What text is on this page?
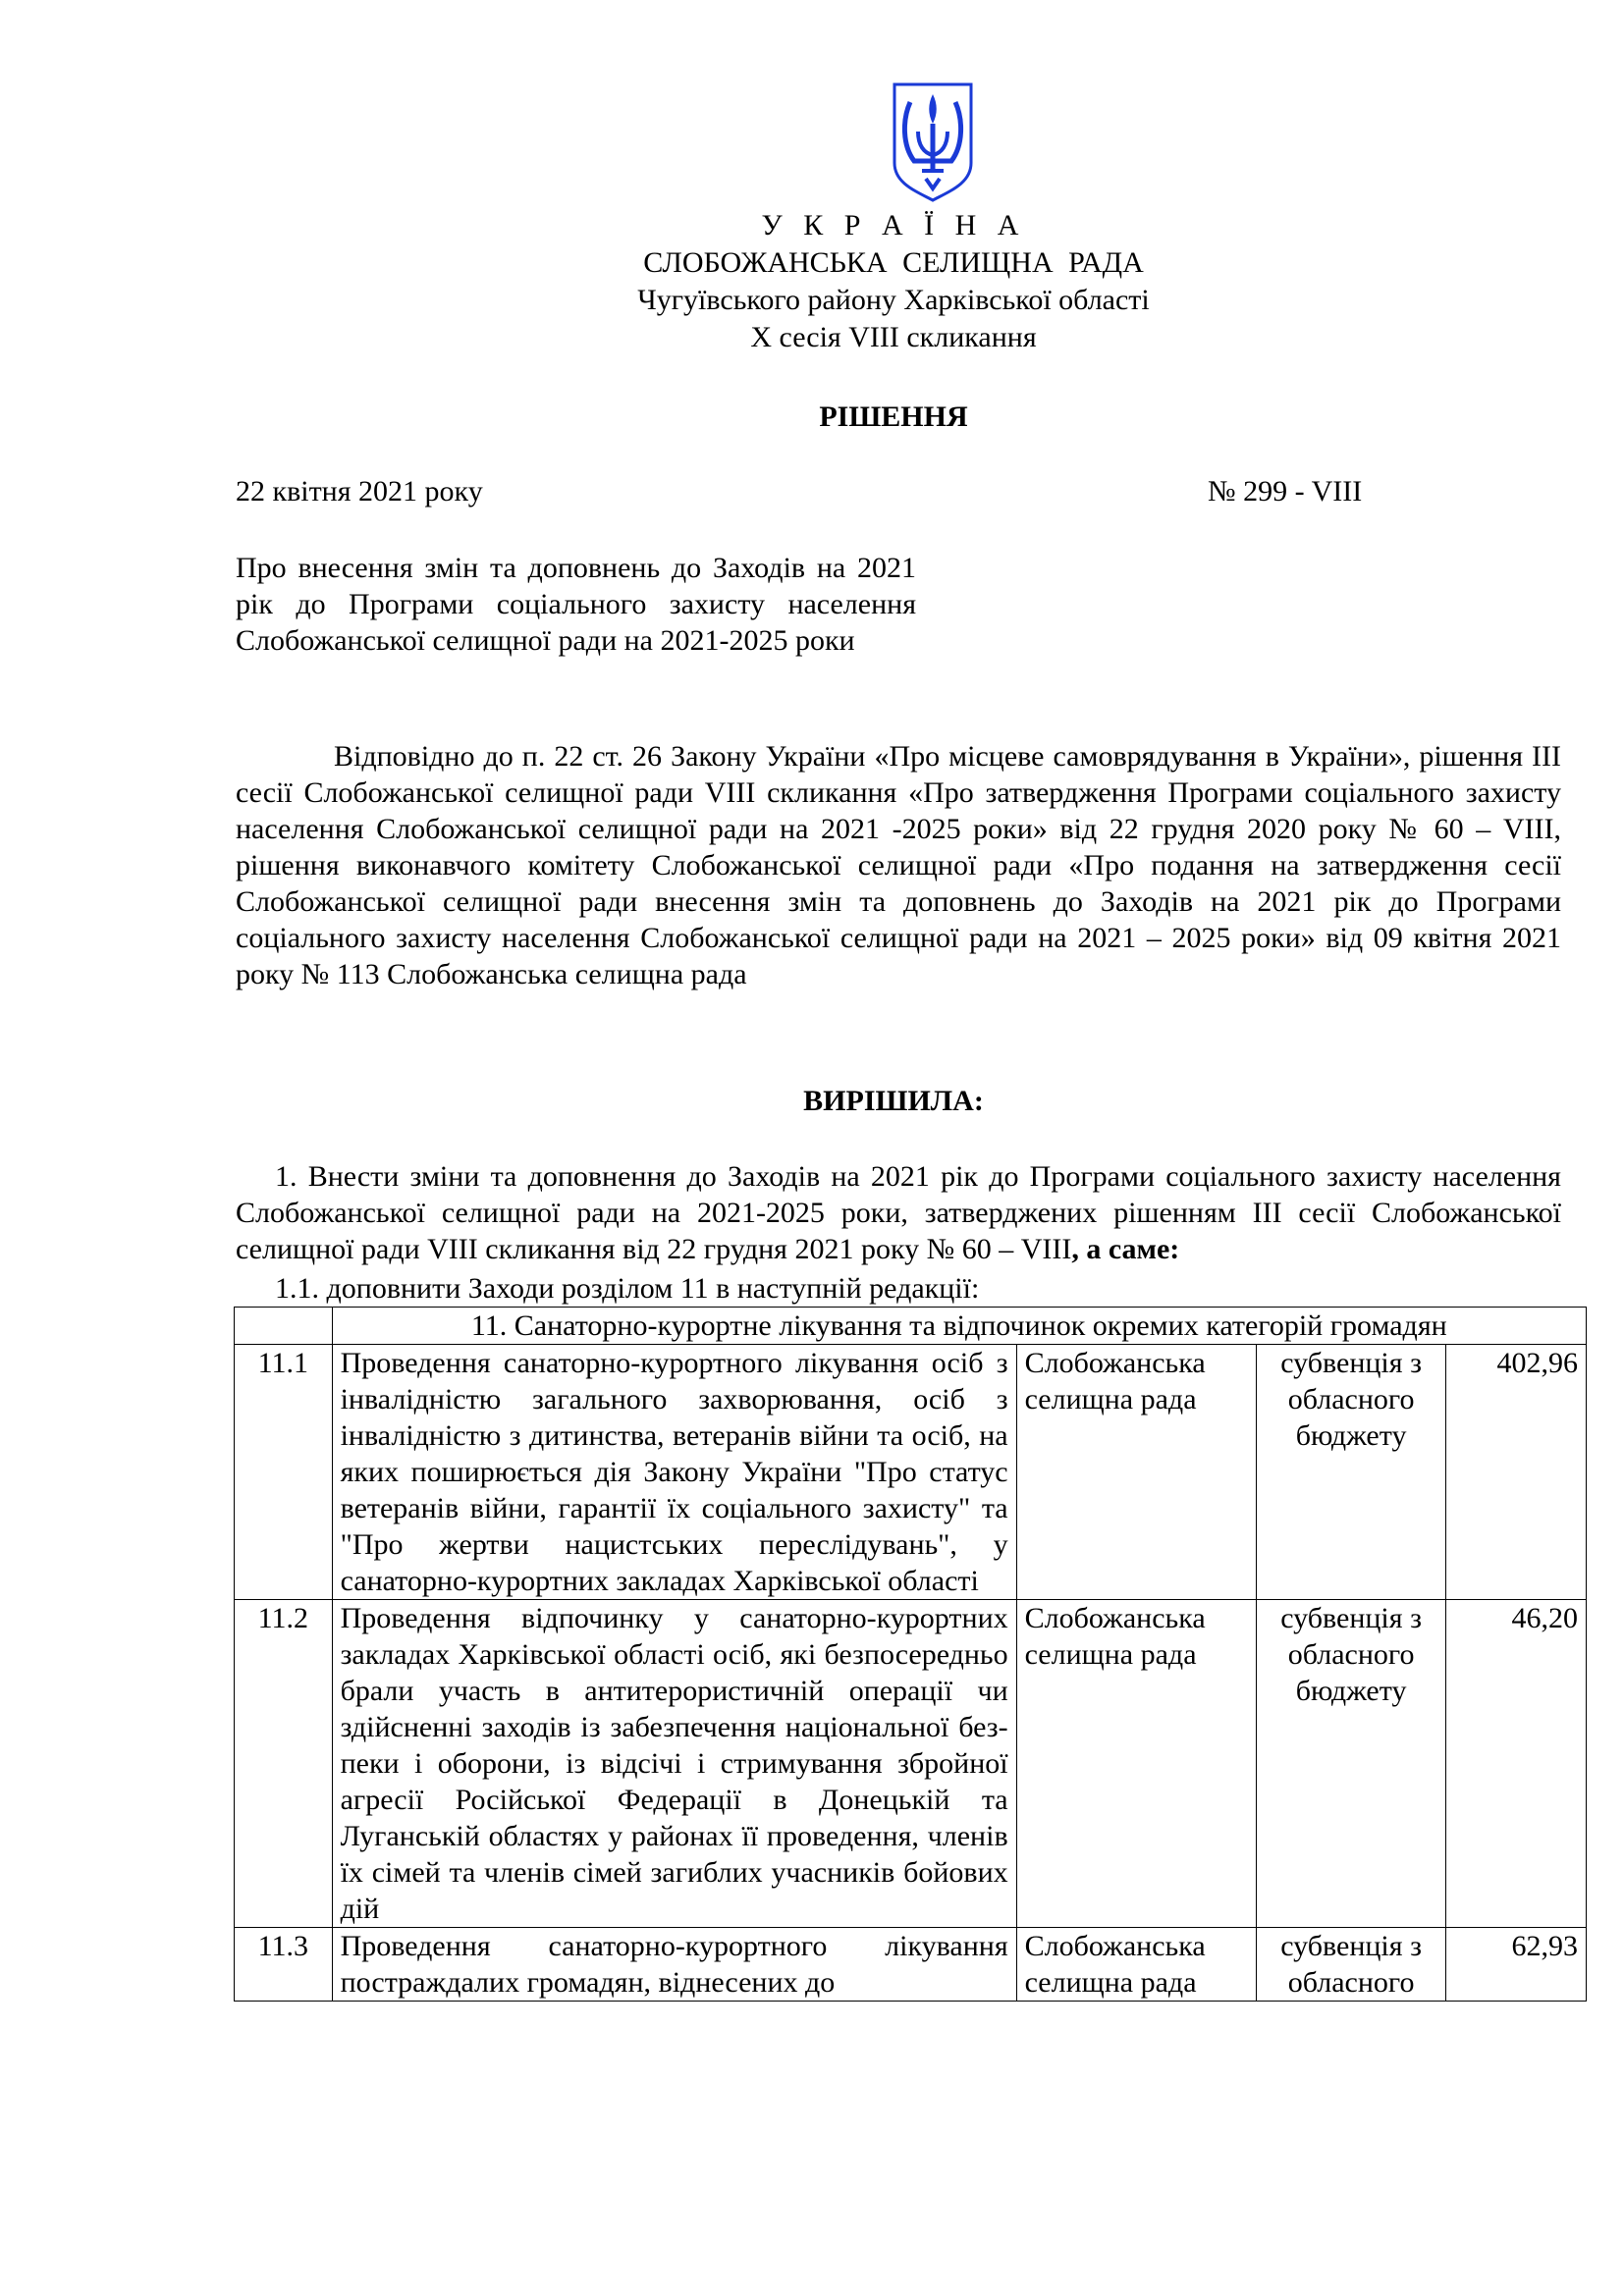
У К Р А Ї Н А
СЛОБОЖАНСЬКА СЕЛИЩНА РАДА
Чугуївського району Харківської області
X сесія VIII скликання
РІШЕННЯ
22 квітня 2021 року	№ 299 - VIII
Про внесення змін та доповнень до Заходів на 2021 рік до Програми соціального захисту населення Слобожанської селищної ради на 2021-2025 роки
Відповідно до п. 22 ст. 26 Закону України «Про місцеве самоврядування в України», рішення ІІІ сесії Слобожанської селищної ради VIII скликання «Про затвердження Програми соціального захисту населення Слобожанської селищної ради на 2021 -2025 роки» від 22 грудня 2020 року № 60 – VIII, рішення виконавчого комітету Слобожанської селищної ради «Про подання на затвердження сесії Слобожанської селищної ради внесення змін та доповнень до Заходів на 2021 рік до Програми соціального захисту населення Слобожанської селищної ради на 2021 – 2025 роки» від 09 квітня 2021 року № 113 Слобожанська селищна рада
ВИРІШИЛА:
1. Внести зміни та доповнення до Заходів на 2021 рік до Програми соціального захисту населення Слобожанської селищної ради на 2021-2025 роки, затверджених рішенням ІІІ сесії Слобожанської селищної ради VIII скликання від 22 грудня 2021 року № 60 – VIII, а саме:
1.1. доповнити Заходи розділом 11 в наступній редакції:
	11. Санаторно-курортне лікування та відпочинок окремих категорій громадян			
11.1	Проведення санаторно-курортного лікування осіб з інвалідністю загального захворювання, осіб з інвалідністю з дитинства, ветеранів війни та осіб, на яких поширюється дія Закону України "Про статус ветеранів війни, гарантії їх соціального захисту" та "Про жертви нацистських переслідувань", у санаторно-курортних закладах Харківської області	Слобожанська селищна рада	субвенція з обласного бюджету	402,96
11.2	Проведення відпочинку у санаторно-курортних закладах Харківської області осіб, які безпосередньо брали участь в антитерористичній операції чи здійсненні заходів із забезпечення національної без-пеки і оборони, із відсічі і стримування збройної агресії Російської Федерації в Донецькій та Луганській областях у районах її проведення, членів їх сімей та членів сімей загиблих учасників бойових дій	Слобожанська селищна рада	субвенція з обласного бюджету	46,20
11.3	Проведення санаторно-курортного лікування постраждалих громадян, віднесених до	Слобожанська селищна рада	субвенція з обласного	62,93
